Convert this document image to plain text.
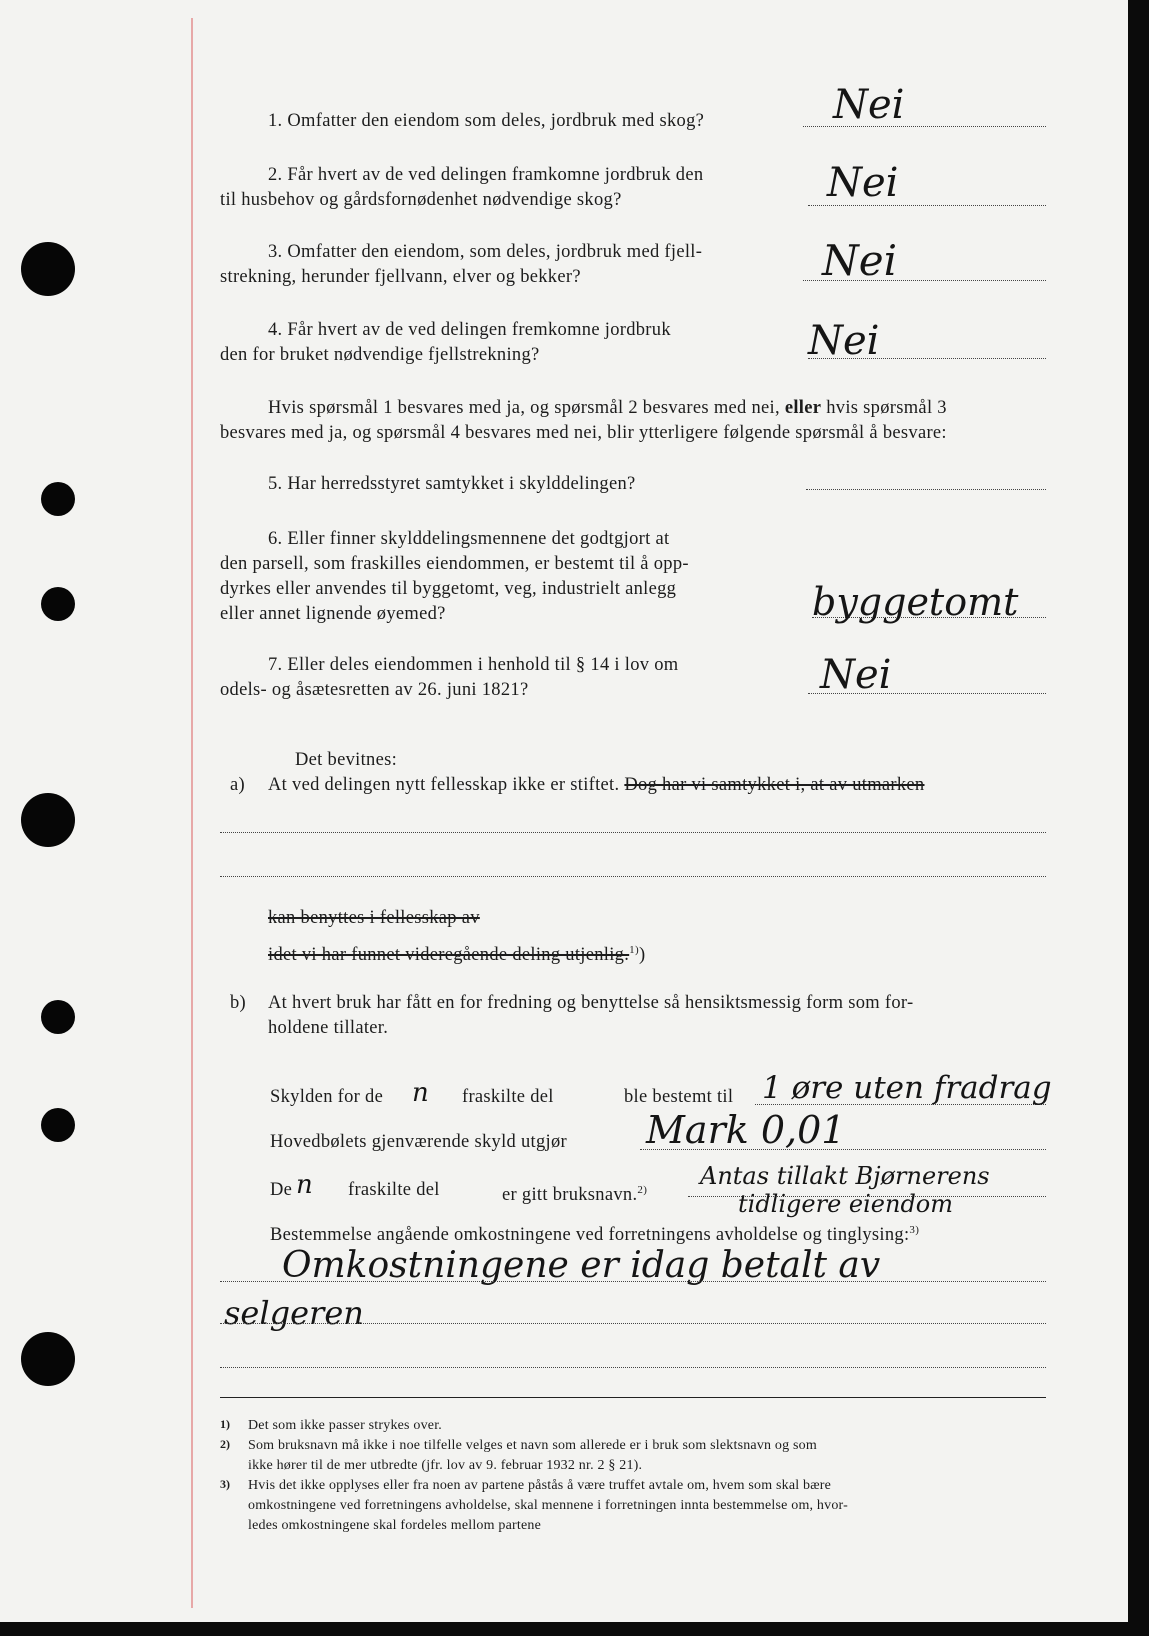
1. Omfatter den eiendom som deles, jordbruk med skog?	Nei
2. Får hvert av de ved delingen framkomne jordbruk den
til husbehov og gårdsfornødenhet nødvendige skog?	Nei
3. Omfatter den eiendom, som deles, jordbruk med fjell-
strekning, herunder fjellvann, elver og bekker?	Nei
4. Får hvert av de ved delingen fremkomne jordbruk
den for bruket nødvendige fjellstrekning?	Nei
Hvis spørsmål 1 besvares med ja, og spørsmål 2 besvares med nei, eller hvis spørsmål 3
besvares med ja, og spørsmål 4 besvares med nei, blir ytterligere følgende spørsmål å besvare:
5. Har herredsstyret samtykket i skylddelingen?
6. Eller finner skylddelingsmennene det godtgjort at
den parsell, som fraskilles eiendommen, er bestemt til å opp-
dyrkes eller anvendes til byggetomt, veg, industrielt anlegg
eller annet lignende øyemed?	byggetomt
7. Eller deles eiendommen i henhold til § 14 i lov om
odels- og åsætesretten av 26. juni 1821?	Nei
Det bevitnes:
a) At ved delingen nytt fellesskap ikke er stiftet. Dog har vi samtykket i, at av utmarken
kan benyttes i fellesskap av
idet vi har funnet videregående deling utjenlig.$^{1)}$)
b) At hvert bruk har fått en for fredning og benyttelse så hensiktsmessig form som for-
holdene tillater.
Skylden for de n fraskilte del	ble bestemt til 1 øre uten fradrag
Hovedbølets gjenværende skyld utgjør Mark 0,01
De n fraskilte del	er gitt bruksnavn.$^{2)}$ Antas tillakt Bjørnerens
tidligere eiendom
Bestemmelse angående omkostningene ved forretningens avholdelse og tinglysing:$^{3)}$
Omkostningene er idag betalt av
selgeren
1) Det som ikke passer strykes over.
2) Som bruksnavn må ikke i noe tilfelle velges et navn som allerede er i bruk som slektsnavn og som
ikke hører til de mer utbredte (jfr. lov av 9. februar 1932 nr. 2 § 21).
3) Hvis det ikke opplyses eller fra noen av partene påstås å være truffet avtale om, hvem som skal bære
omkostningene ved forretningens avholdelse, skal mennene i forretningen innta bestemmelse om, hvor-
ledes omkostningene skal fordeles mellom partene
